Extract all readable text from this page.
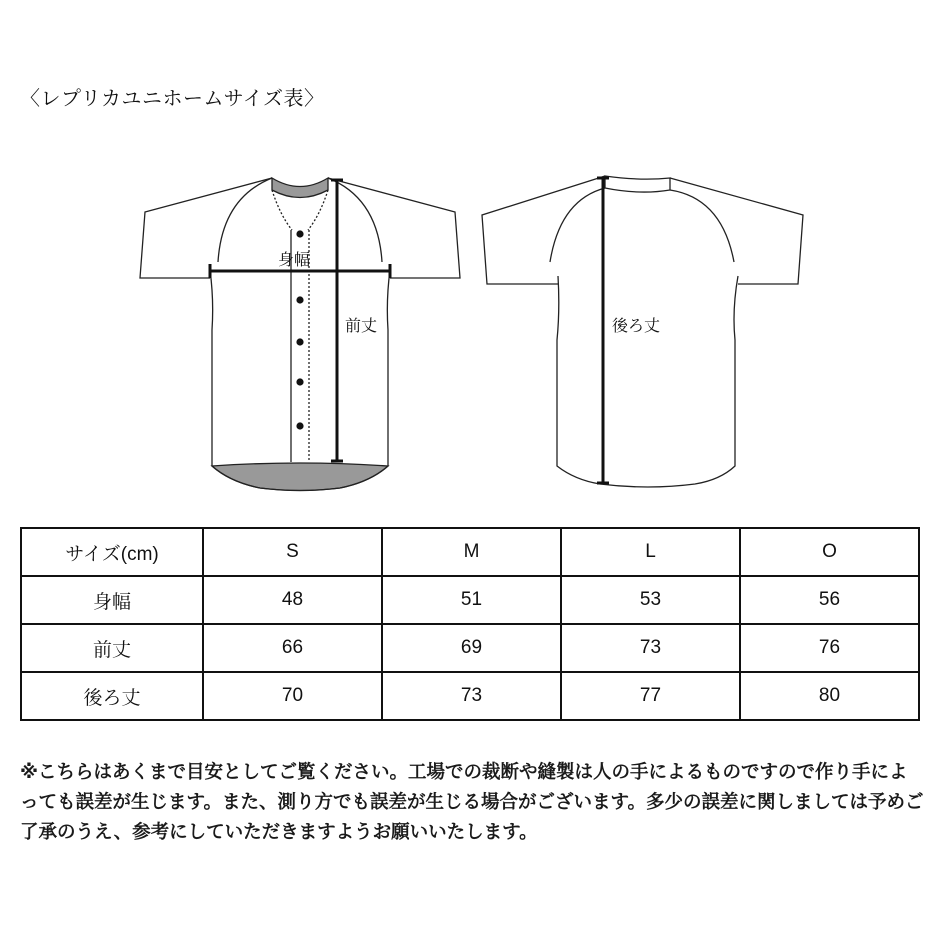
〈レプリカユニホームサイズ表〉
身幅
前丈	後ろ丈
サイズ(cm)	S	M	L	O
身幅	48	51	53	56
前丈	66	69	73	76
後ろ丈	70	73	77	80
※こちらはあくまで目安としてご覧ください。工場での裁断や縫製は人の手によるものですので作り手によっても誤差が生じます。また、測り方でも誤差が生じる場合がございます。多少の誤差に関しましては予めご了承のうえ、参考にしていただきますようお願いいたします。
